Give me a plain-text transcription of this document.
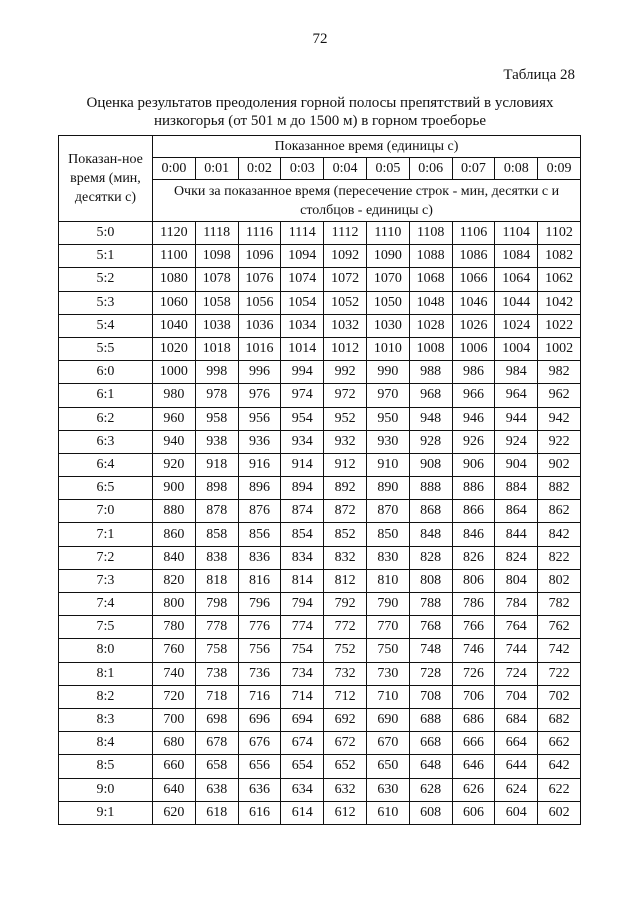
72
Таблица 28
Оценка результатов преодоления горной полосы препятствий в условиях низкогорья (от 501 м до 1500 м) в горном троеборье
Показан-ное время (мин, десятки с)	Показанное время (единицы с)									
	0:00	0:01	0:02	0:03	0:04	0:05	0:06	0:07	0:08	0:09
	Очки за показанное время (пересечение строк - мин, десятки с и столбцов - единицы с)									
5:0	1120	1118	1116	1114	1112	1110	1108	1106	1104	1102
5:1	1100	1098	1096	1094	1092	1090	1088	1086	1084	1082
5:2	1080	1078	1076	1074	1072	1070	1068	1066	1064	1062
5:3	1060	1058	1056	1054	1052	1050	1048	1046	1044	1042
5:4	1040	1038	1036	1034	1032	1030	1028	1026	1024	1022
5:5	1020	1018	1016	1014	1012	1010	1008	1006	1004	1002
6:0	1000	998	996	994	992	990	988	986	984	982
6:1	980	978	976	974	972	970	968	966	964	962
6:2	960	958	956	954	952	950	948	946	944	942
6:3	940	938	936	934	932	930	928	926	924	922
6:4	920	918	916	914	912	910	908	906	904	902
6:5	900	898	896	894	892	890	888	886	884	882
7:0	880	878	876	874	872	870	868	866	864	862
7:1	860	858	856	854	852	850	848	846	844	842
7:2	840	838	836	834	832	830	828	826	824	822
7:3	820	818	816	814	812	810	808	806	804	802
7:4	800	798	796	794	792	790	788	786	784	782
7:5	780	778	776	774	772	770	768	766	764	762
8:0	760	758	756	754	752	750	748	746	744	742
8:1	740	738	736	734	732	730	728	726	724	722
8:2	720	718	716	714	712	710	708	706	704	702
8:3	700	698	696	694	692	690	688	686	684	682
8:4	680	678	676	674	672	670	668	666	664	662
8:5	660	658	656	654	652	650	648	646	644	642
9:0	640	638	636	634	632	630	628	626	624	622
9:1	620	618	616	614	612	610	608	606	604	602
